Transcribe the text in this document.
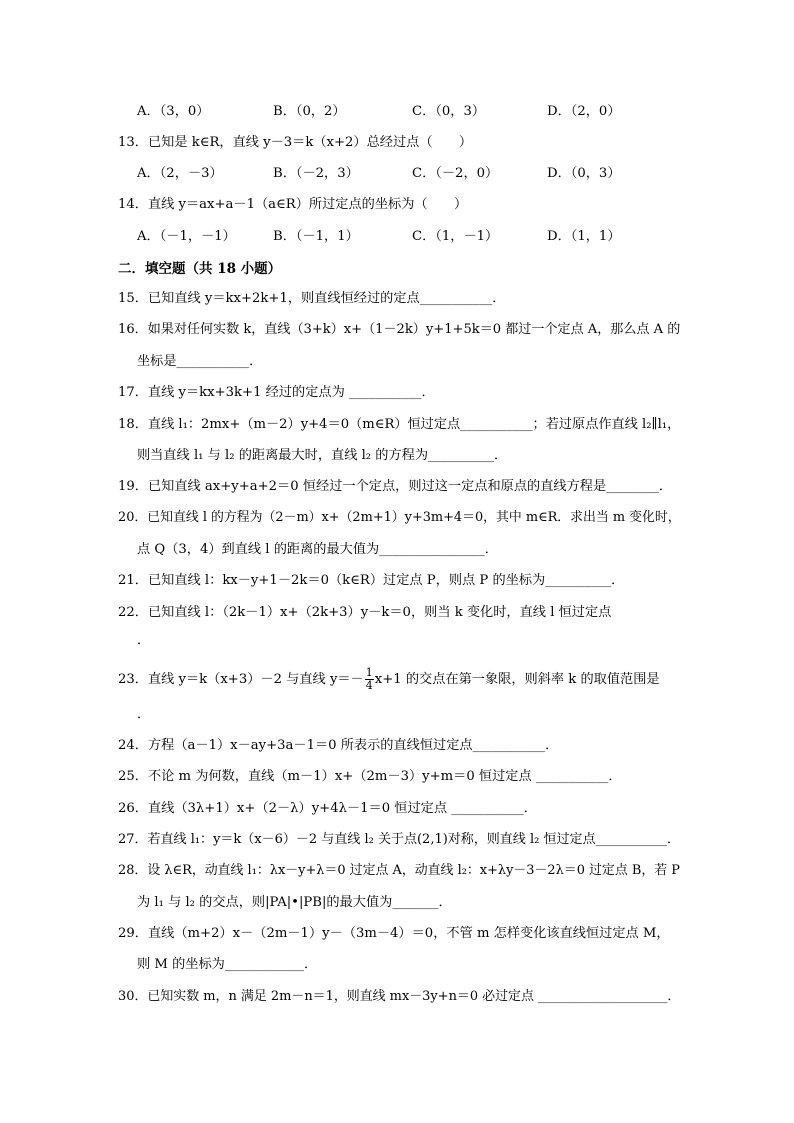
A．（3，0）	B．（0，2）	C．（0，3）	D．（2，0）
13．已知是 k∈R，直线 y－3＝k（x+2）总经过点（　　）
A．（2，－3）	B．（－2，3）	C．（－2，0）	D．（0，3）
14．直线 y＝ax+a－1（a∈R）所过定点的坐标为（　　）
A．（－1，－1）	B．（－1，1）	C．（1，－1）	D．（1，1）
二．填空题（共 18 小题）
15．已知直线 y＝kx+2k+1，则直线恒经过的定点___________．
16．如果对任何实数 k，直线（3+k）x+（1－2k）y+1+5k＝0 都过一个定点 A，那么点 A 的
坐标是___________．
17．直线 y＝kx+3k+1 经过的定点为 ___________．
18．直线 l₁：2mx+（m－2）y+4＝0（m∈R）恒过定点___________；若过原点作直线 l₂∥l₁，
则当直线 l₁ 与 l₂ 的距离最大时，直线 l₂ 的方程为__________．
19．已知直线 ax+y+a+2＝0 恒经过一个定点，则过这一定点和原点的直线方程是________．
20．已知直线 l 的方程为（2－m）x+（2m+1）y+3m+4＝0，其中 m∈R．求出当 m 变化时，
点 Q（3，4）到直线 l 的距离的最大值为________________．
21．已知直线 l：kx－y+1－2k＝0（k∈R）过定点 P，则点 P 的坐标为__________．
22．已知直线 l：（2k－1）x+（2k+3）y－k＝0，则当 k 变化时，直线 l 恒过定点
．
23．直线 y＝k（x+3）－2 与直线 $y=- \frac{1}{4} x+1$ 的交点在第一象限，则斜率 k 的取值范围是
．
24．方程（a－1）x－ay+3a－1＝0 所表示的直线恒过定点___________．
25．不论 m 为何数，直线（m－1）x+（2m－3）y+m＝0 恒过定点 ___________．
26．直线（3λ+1）x+（2－λ）y+4λ－1＝0 恒过定点 ___________．
27．若直线 l₁：y＝k（x－6）－2 与直线 l₂ 关于点(2,1)对称，则直线 l₂ 恒过定点___________．
28．设 λ∈R，动直线 l₁：λx－y+λ＝0 过定点 A，动直线 l₂：x+λy－3－2λ＝0 过定点 B，若 P
为 l₁ 与 l₂ 的交点，则|PA|•|PB|的最大值为_______．
29．直线（m+2）x－（2m－1）y－（3m－4）＝0，不管 m 怎样变化该直线恒过定点 M，
则 M 的坐标为____________．
30．已知实数 m，n 满足 2m－n＝1，则直线 mx－3y+n＝0 必过定点 ____________________．
